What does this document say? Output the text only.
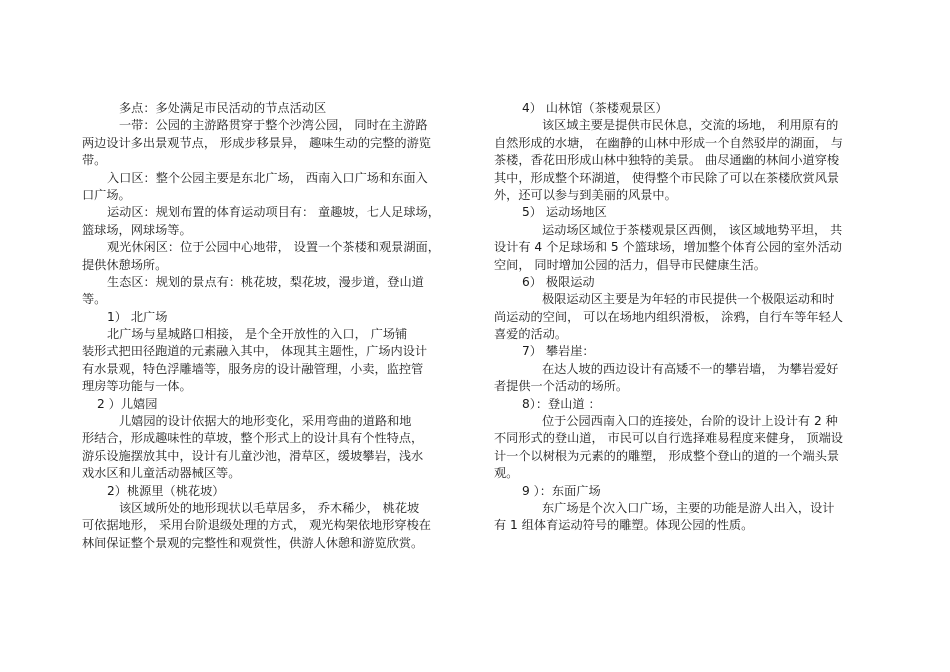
多点：多处满足市民活动的节点活动区
一带：公园的主游路贯穿于整个沙湾公园， 同时在主游路
两边设计多出景观节点， 形成步移景异， 趣味生动的完整的游览
带。
入口区：整个公园主要是东北广场， 西南入口广场和东面入
口广场。
运动区：规划布置的体育运动项目有： 童趣坡，七人足球场，
篮球场，网球场等。
观光休闲区：位于公园中心地带， 设置一个茶楼和观景湖面，
提供休憩场所。
生态区：规划的景点有：桃花坡，梨花坡，漫步道，登山道
等。
1） 北广场
北广场与星城路口相接， 是个全开放性的入口， 广场铺
装形式把田径跑道的元素融入其中， 体现其主题性，广场内设计
有水景观，特色浮雕墙等，服务房的设计融管理，小卖，监控管
理房等功能与一体。
2 ）儿嬉园
儿嬉园的设计依据大的地形变化，采用弯曲的道路和地
形结合，形成趣味性的草坡，整个形式上的设计具有个性特点，
游乐设施摆放其中，设计有儿童沙池，滑草区，缓坡攀岩，浅水
戏水区和儿童活动器械区等。
2）桃源里（桃花坡）
该区域所处的地形现状以毛草居多， 乔木稀少， 桃花坡
可依据地形， 采用台阶退级处理的方式， 观光构架依地形穿梭在
林间保证整个景观的完整性和观赏性，供游人休憩和游览欣赏。
4） 山林馆（茶楼观景区）
该区域主要是提供市民休息，交流的场地， 利用原有的
自然形成的水塘， 在幽静的山林中形成一个自然驳岸的湖面， 与
茶楼，香花田形成山林中独特的美景。 曲尽通幽的林间小道穿梭
其中，形成整个环湖道， 使得整个市民除了可以在茶楼欣赏风景
外，还可以参与到美丽的风景中。
5） 运动场地区
运动场区域位于茶楼观景区西侧， 该区域地势平坦， 共
设计有 4 个足球场和 5 个篮球场，增加整个体育公园的室外活动
空间， 同时增加公园的活力，倡导市民健康生活。
6） 极限运动
极限运动区主要是为年轻的市民提供一个极限运动和时
尚运动的空间， 可以在场地内组织滑板， 涂鸦，自行车等年轻人
喜爱的活动。
7） 攀岩崖：
在达人坡的西边设计有高矮不一的攀岩墙， 为攀岩爱好
者提供一个活动的场所。
8）：登山道 ：
位于公园西南入口的连接处，台阶的设计上设计有 2 种
不同形式的登山道， 市民可以自行选择难易程度来健身， 顶端设
计一个以树根为元素的的雕塑， 形成整个登山的道的一个端头景
观。
9 ）：东面广场
东广场是个次入口广场，主要的功能是游人出入，设计
有 1 组体育运动符号的雕塑。体现公园的性质。
